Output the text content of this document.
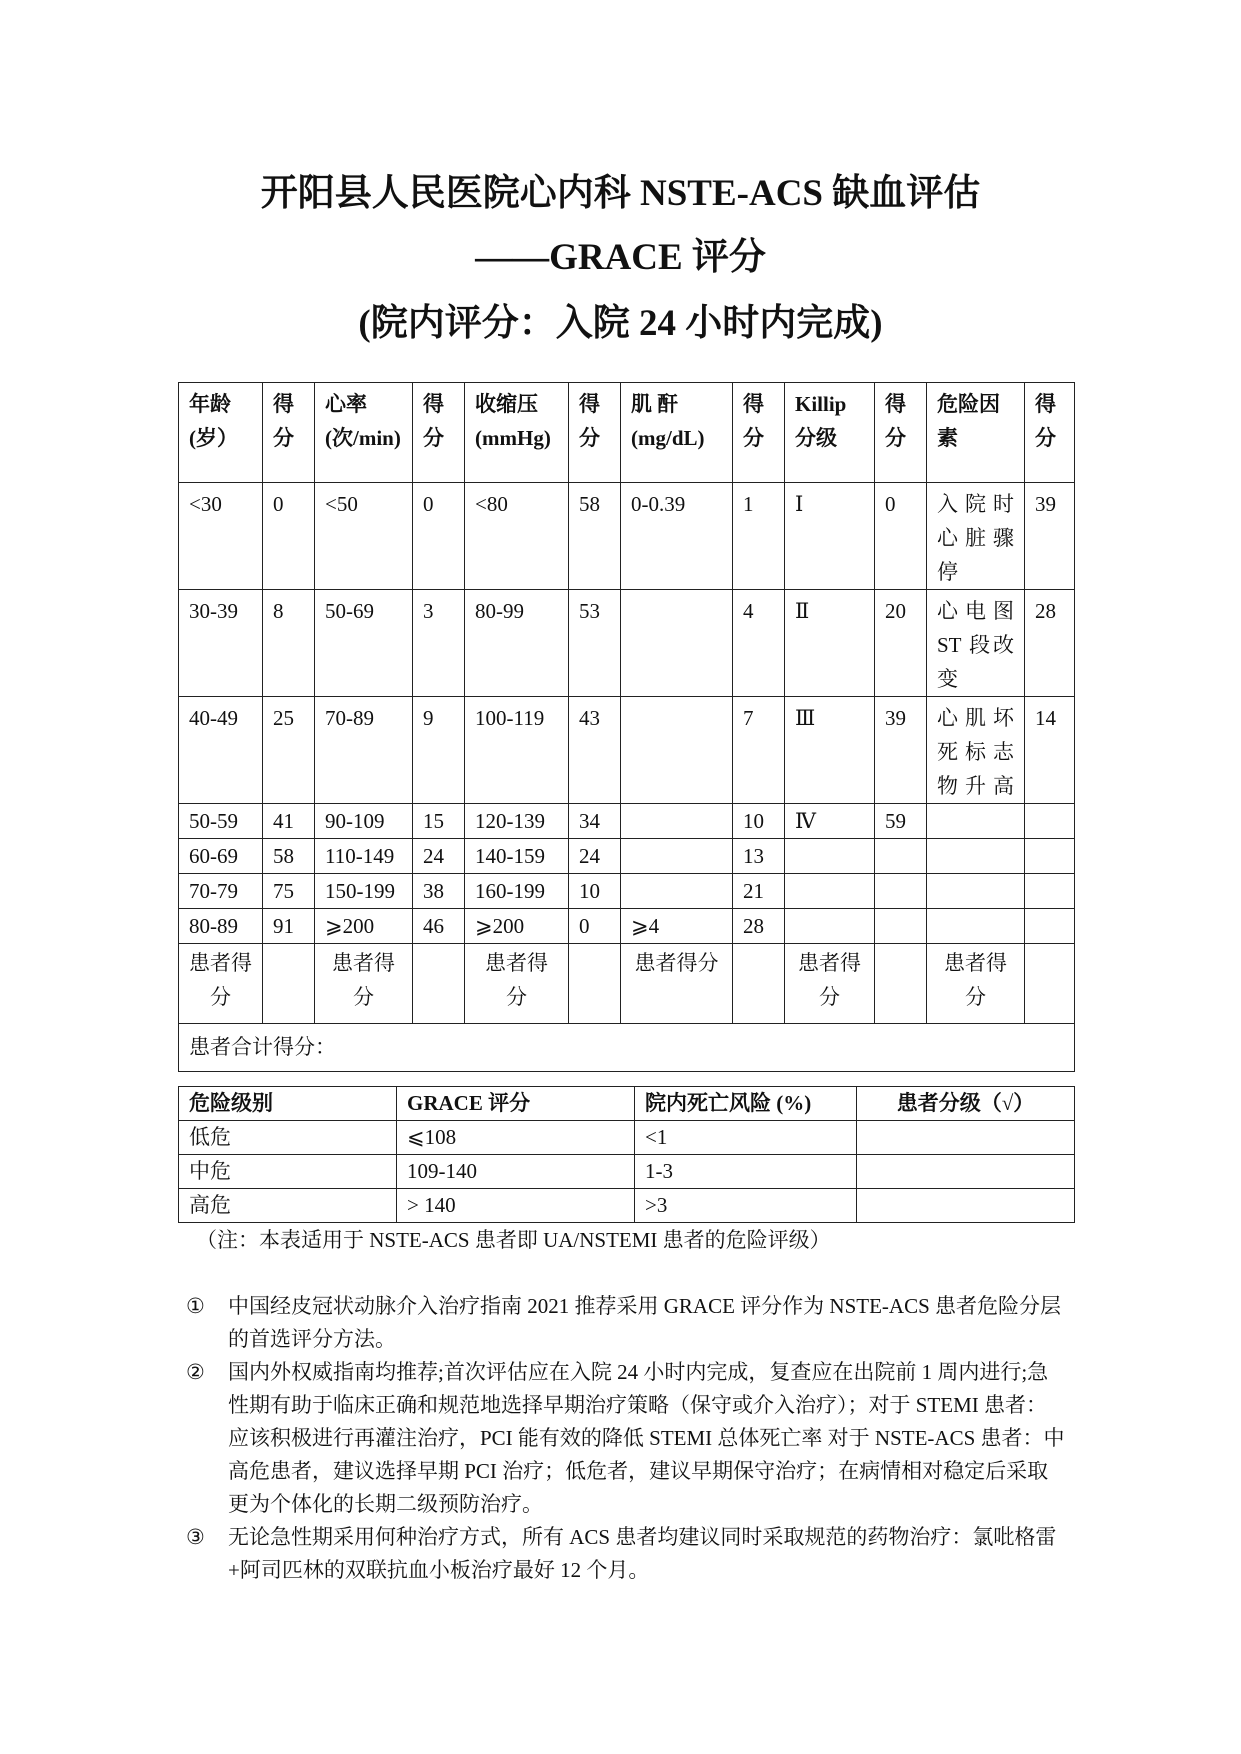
开阳县人民医院心内科 NSTE-ACS 缺血评估
——GRACE 评分
(院内评分：入院 24 小时内完成)
年龄 (岁）	得分	心率 (次/min)	得分	收缩压 (mmHg)	得分	肌 酐 (mg/dL)	得分	Killip 分级	得分	危险因素	得分

<30	0	<50	0	<80	58	0-0.39	1	Ⅰ	0	入院时心脏骤停	39

30-39	8	50-69	3	80-99	53		4	Ⅱ	20	心电图 ST 段改变	28

40-49	25	70-89	9	100-119	43		7	Ⅲ	39	心肌坏死标志物升高	14

50-59	41	90-109	15	120-139	34		10	Ⅳ	59		

60-69	58	110-149	24	140-159	24		13				

70-79	75	150-199	38	160-199	10		21				

80-89	91	⩾200	46	⩾200	0	⩾4	28				

患者得分		患者得分		患者得分		患者得分		患者得分		患者得分	

患者合计得分：											
危险级别	GRACE 评分	院内死亡风险 (%)	患者分级（√）

低危	⩽108	<1	

中危	109-140	1-3	

高危	> 140	>3	

（注：本表适用于 NSTE-ACS 患者即 UA/NSTEMI 患者的危险评级）
①	中国经皮冠状动脉介入治疗指南 2021 推荐采用 GRACE 评分作为 NSTE-ACS 患者危险分层的首选评分方法。
②	国内外权威指南均推荐;首次评估应在入院 24 小时内完成，复查应在出院前 1 周内进行;急性期有助于临床正确和规范地选择早期治疗策略（保守或介入治疗）；对于 STEMI 患者：应该积极进行再灌注治疗，PCI 能有效的降低 STEMI 总体死亡率 对于 NSTE-ACS 患者：中高危患者，建议选择早期 PCI 治疗；低危者，建议早期保守治疗；在病情相对稳定后采取更为个体化的长期二级预防治疗。
③	无论急性期采用何种治疗方式，所有 ACS 患者均建议同时采取规范的药物治疗：氯吡格雷+阿司匹林的双联抗血小板治疗最好 12 个月。
